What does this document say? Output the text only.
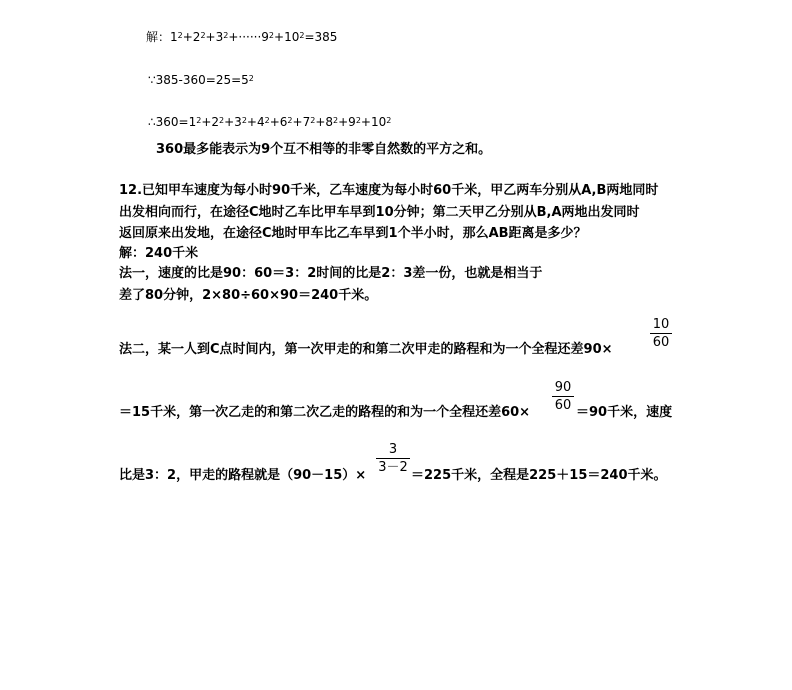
解：$1^2+2^2+3^2+\cdot\cdot\cdot\cdot\cdot\cdot 9^2+10^2=385$
$\because 385-360=25=5^2$
$\therefore 360=1^2+2^2+3^2+4^2+6^2+7^2+8^2+9^2+10^2$
360最多能表示为9个互不相等的非零自然数的平方之和。
12.已知甲车速度为每小时90千米，乙车速度为每小时60千米，甲乙两车分别从A,B两地同时
出发相向而行，在途径C地时乙车比甲车早到10分钟；第二天甲乙分别从B,A两地出发同时
返回原来出发地，在途径C地时甲车比乙车早到1个半小时，那么AB距离是多少？
解：240千米
法一，速度的比是90：60＝3：2时间的比是2：3差一份，也就是相当于
差了80分钟，2×80÷60×90＝240千米。
法二，某一人到C点时间内，第一次甲走的和第二次甲走的路程和为一个全程还差90×
10
60
＝15千米，第一次乙走的和第二次乙走的路程的和为一个全程还差60×
90
60 ＝90千米，速度
比是3：2，甲走的路程就是（90－15）×
3
3－2
＝225千米，全程是225＋15＝240千米。
